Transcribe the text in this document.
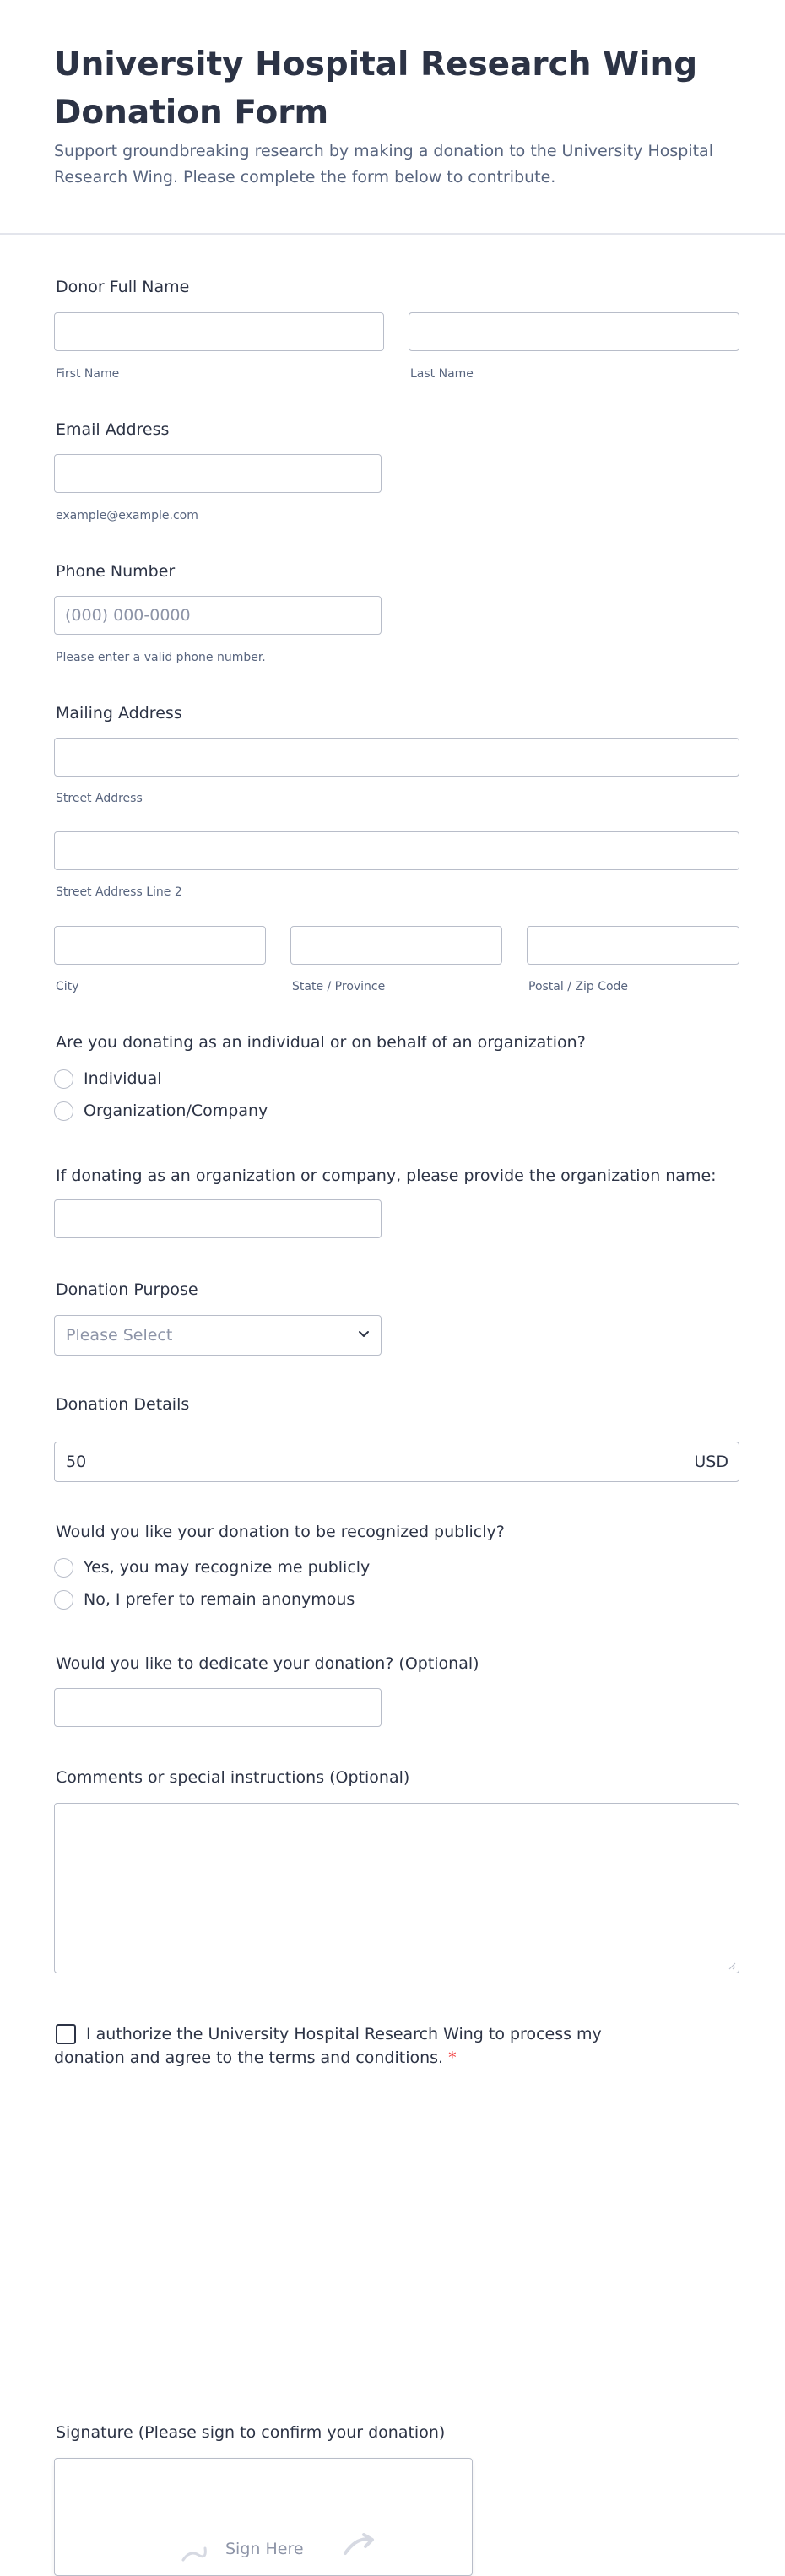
University Hospital Research Wing Donation Form

Support groundbreaking research by making a donation to the University Hospital Research Wing. Please complete the form below to contribute.

Donor Full Name
First Name	Last Name
Email Address
example@example.com
Phone Number
(000) 000-0000
Please enter a valid phone number.
Mailing Address
Street Address
Street Address Line 2
City	State / Province	Postal / Zip Code
Are you donating as an individual or on behalf of an organization?
Individual
Organization/Company
If donating as an organization or company, please provide the organization name:
Donation Purpose
Please Select
Donation Details
50	USD
Would you like your donation to be recognized publicly?
Yes, you may recognize me publicly
No, I prefer to remain anonymous
Would you like to dedicate your donation? (Optional)
Comments or special instructions (Optional)
I authorize the University Hospital Research Wing to process my donation and agree to the terms and conditions. *
Signature (Please sign to confirm your donation)
Sign Here
